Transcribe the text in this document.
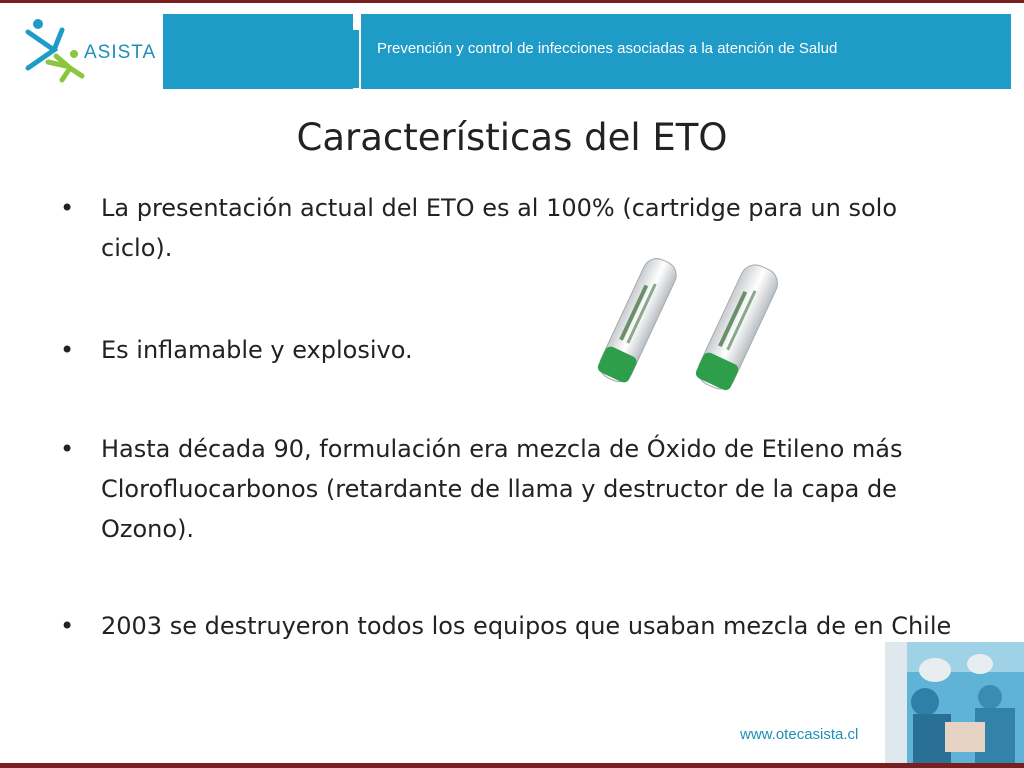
ASISTA	Prevención y control de infecciones asociadas a la atención de Salud
Características del ETO
• La presentación actual del ETO es al 100% (cartridge para un solo ciclo).
• Es inflamable y explosivo.
• Hasta década 90, formulación era mezcla de Óxido de Etileno más Clorofluocarbonos (retardante de llama y destructor de la capa de Ozono).
• 2003 se destruyeron todos los equipos que usaban mezcla de en Chile
www.otecasista.cl
